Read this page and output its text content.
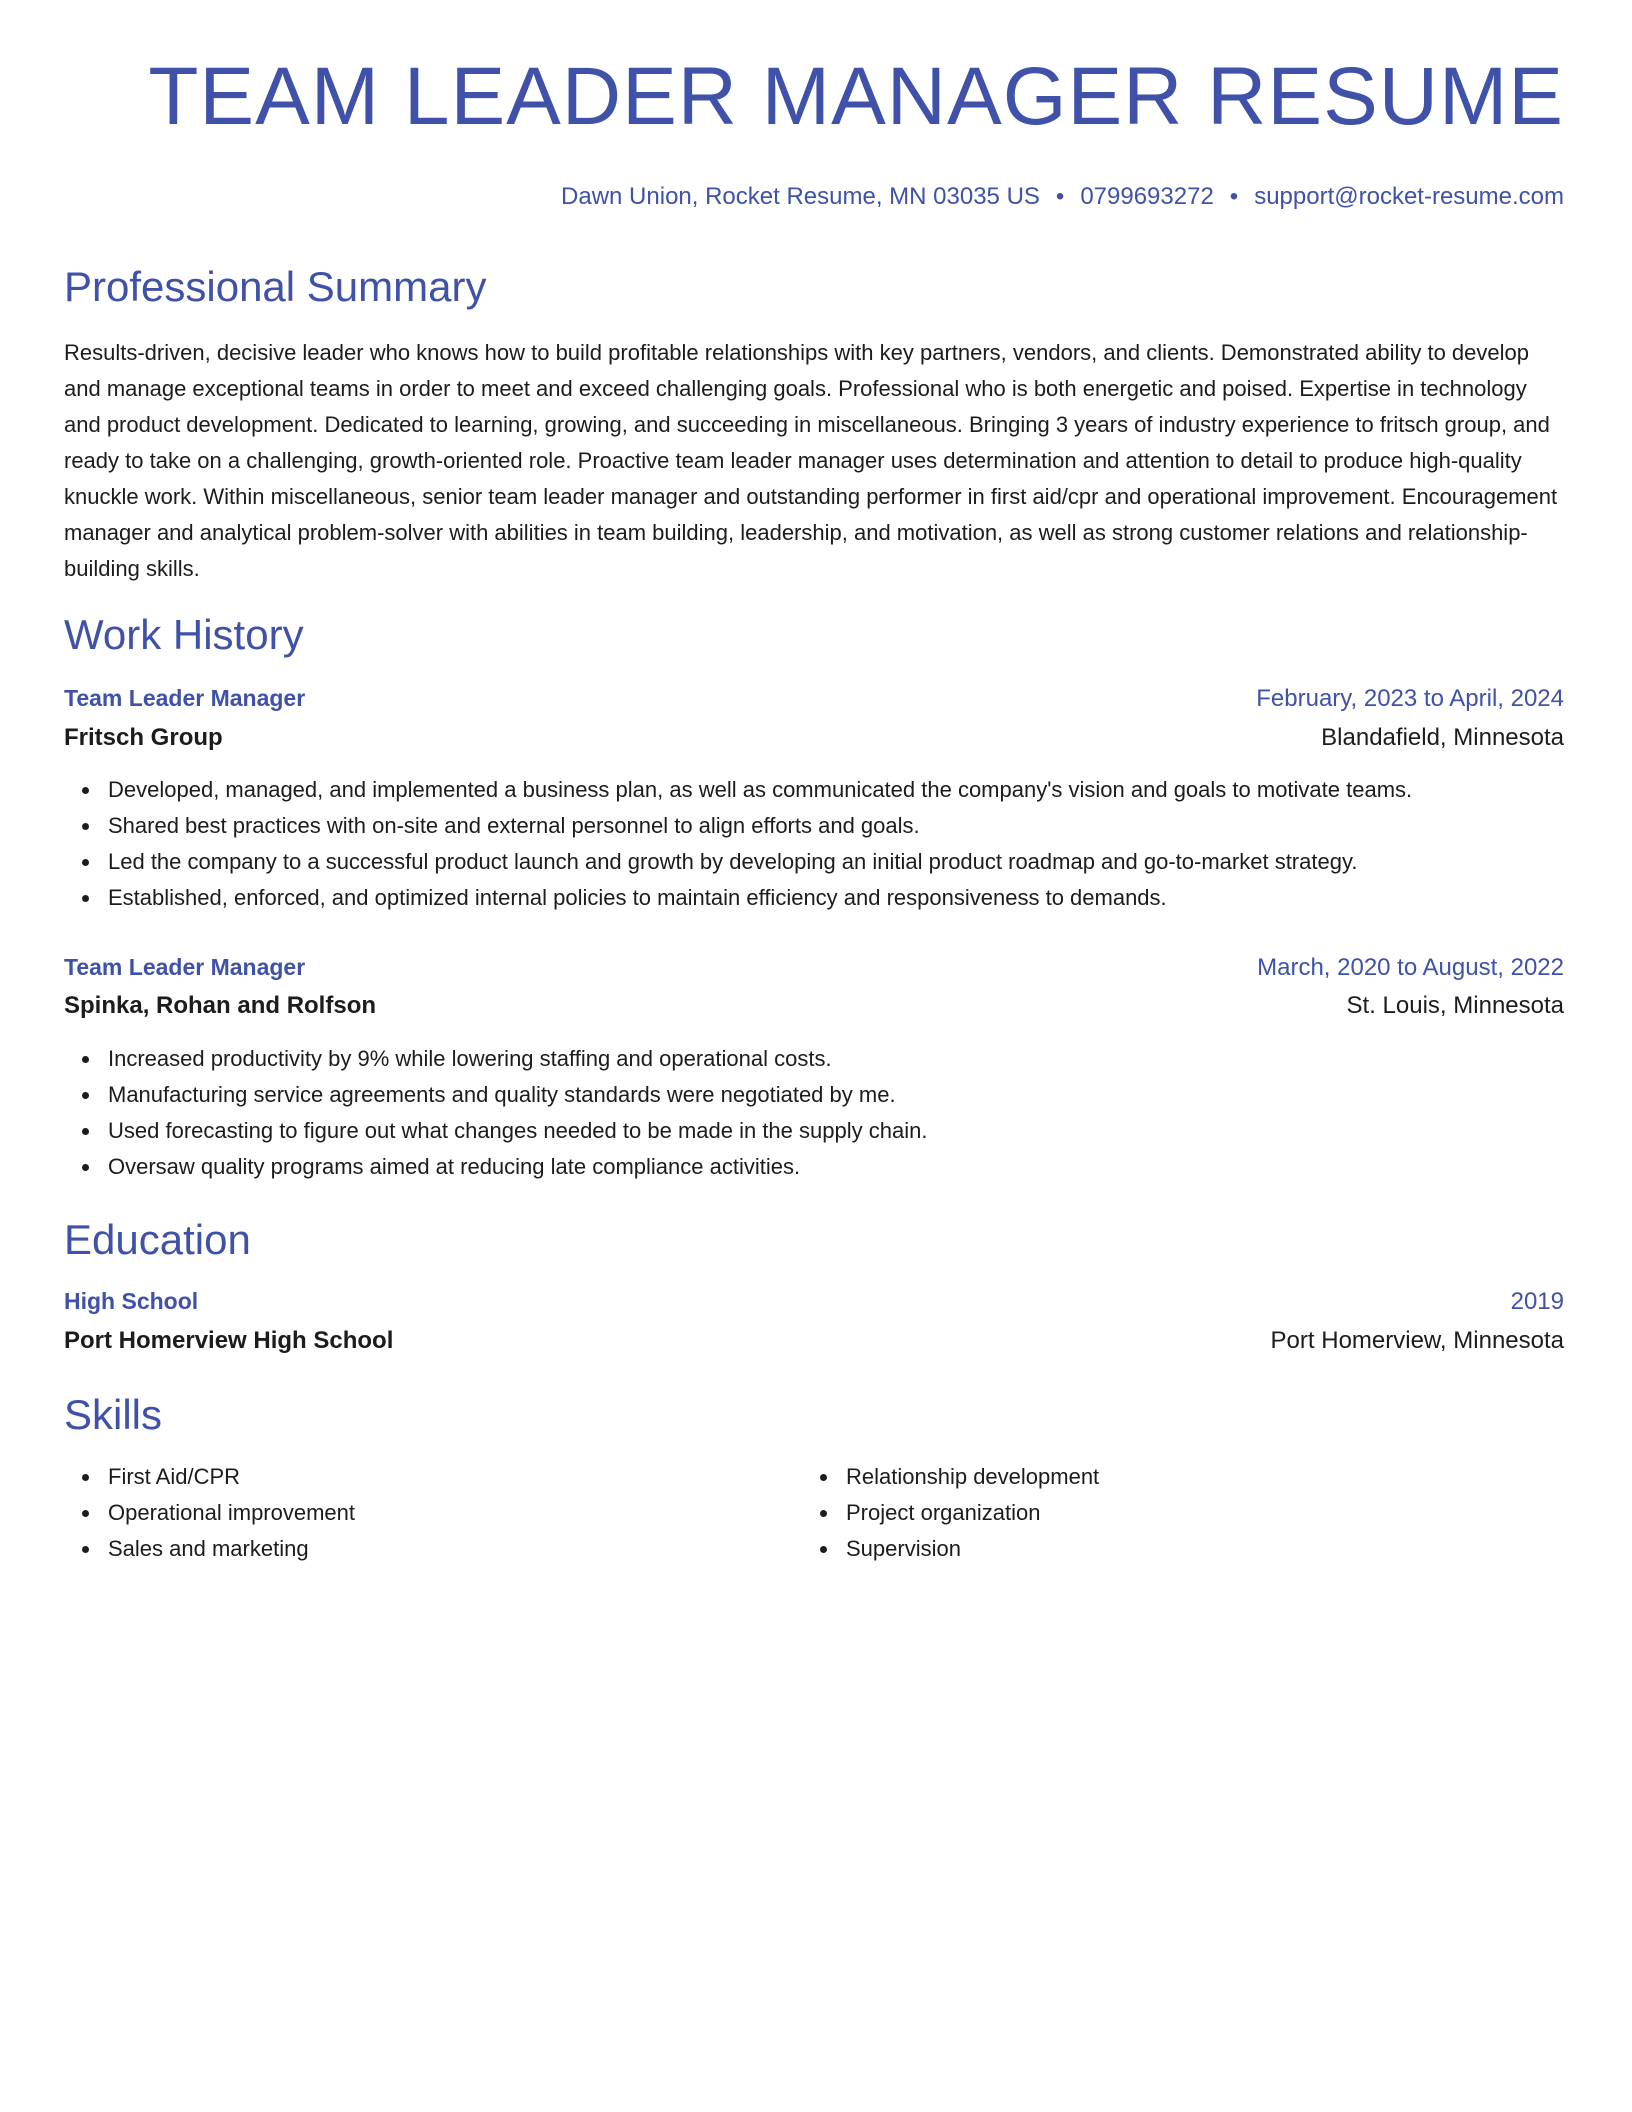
TEAM LEADER MANAGER RESUME
Dawn Union, Rocket Resume, MN 03035 US • 0799693272 • support@rocket-resume.com
Professional Summary

Results-driven, decisive leader who knows how to build profitable relationships with key partners, vendors, and clients. Demonstrated ability to develop and manage exceptional teams in order to meet and exceed challenging goals. Professional who is both energetic and poised. Expertise in technology and product development. Dedicated to learning, growing, and succeeding in miscellaneous. Bringing 3 years of industry experience to fritsch group, and ready to take on a challenging, growth-oriented role. Proactive team leader manager uses determination and attention to detail to produce high-quality knuckle work. Within miscellaneous, senior team leader manager and outstanding performer in first aid/cpr and operational improvement. Encouragement manager and analytical problem-solver with abilities in team building, leadership, and motivation, as well as strong customer relations and relationship-building skills.

Work History
Team Leader Manager	February, 2023 to April, 2024
Fritsch Group	Blandafield, Minnesota
Developed, managed, and implemented a business plan, as well as communicated the company's vision and goals to motivate teams.
Shared best practices with on-site and external personnel to align efforts and goals.
Led the company to a successful product launch and growth by developing an initial product roadmap and go-to-market strategy.
Established, enforced, and optimized internal policies to maintain efficiency and responsiveness to demands.
Team Leader Manager	March, 2020 to August, 2022
Spinka, Rohan and Rolfson	St. Louis, Minnesota
Increased productivity by 9% while lowering staffing and operational costs.
Manufacturing service agreements and quality standards were negotiated by me.
Used forecasting to figure out what changes needed to be made in the supply chain.
Oversaw quality programs aimed at reducing late compliance activities.
Education
High School	2019
Port Homerview High School	Port Homerview, Minnesota
Skills
First Aid/CPR
Operational improvement
Sales and marketing
Relationship development
Project organization
Supervision
